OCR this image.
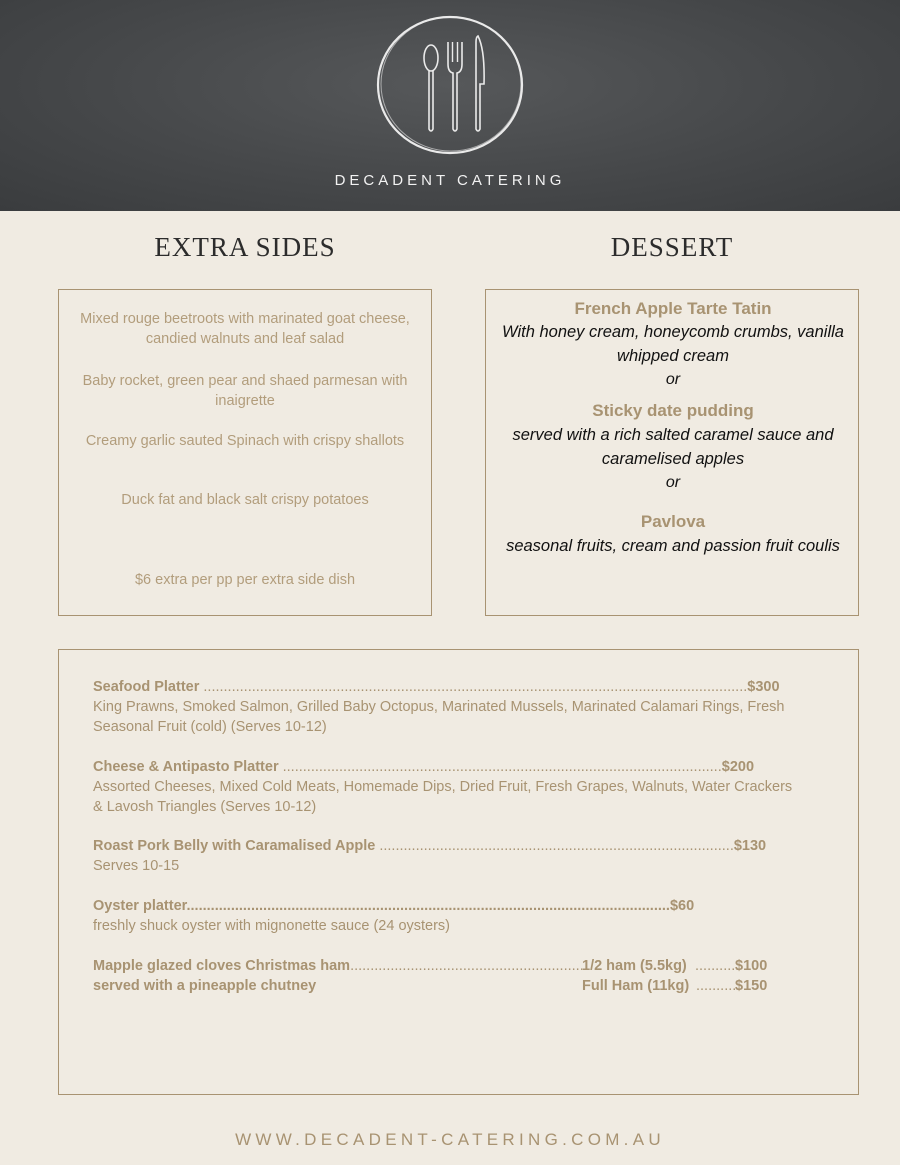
DECADENT CATERING
EXTRA SIDES	DESSERT
Mixed rouge beetroots with marinated goat cheese, candied walnuts and leaf salad
Baby rocket, green pear and shaed parmesan with inaigrette
Creamy garlic sauted Spinach with crispy shallots
Duck fat and black salt crispy potatoes
$6 extra per pp per extra side dish
French Apple Tarte Tatin
With honey cream, honeycomb crumbs, vanilla whipped cream
or
Sticky date pudding
served with a rich salted caramel sauce and caramelised apples
or
Pavlova
seasonal fruits, cream and passion fruit coulis
Seafood Platter .......................................................................................................................................$300
King Prawns, Smoked Salmon, Grilled Baby Octopus, Marinated Mussels, Marinated Calamari Rings, Fresh Seasonal Fruit (cold) (Serves 10-12)
Cheese & Antipasto Platter .............................................................................................................$200
Assorted Cheeses, Mixed Cold Meats, Homemade Dips, Dried Fruit, Fresh Grapes, Walnuts, Water Crackers & Lavosh Triangles (Serves 10-12)
Roast Pork Belly with Caramalised Apple ........................................................................................$130
Serves 10-15
Oyster platter........................................................................................................................$60
freshly shuck oyster with mignonette sauce (24 oysters)
Mapple glazed cloves Christmas ham..........................................................
1/2 ham (5.5kg) ...........
$100
served with a pineapple chutney	Full Ham (11kg) ...........
$150
WWW.DECADENT-CATERING.COM.AU
